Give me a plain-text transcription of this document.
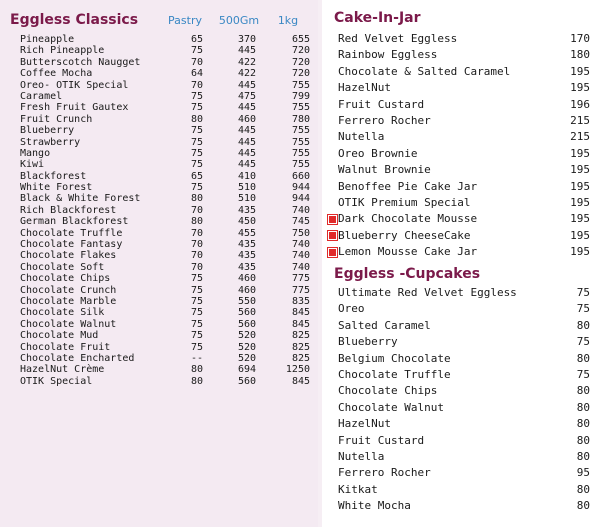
Eggless Classics	Pastry	500Gm	1kg
Pineapple	65	370	655
Rich Pineapple	75	445	720
Butterscotch Naugget	70	422	720
Coffee Mocha	64	422	720
Oreo- OTIK Special	70	445	755
Caramel	75	475	799
Fresh Fruit Gautex	75	445	755
Fruit Crunch	80	460	780
Blueberry	75	445	755
Strawberry	75	445	755
Mango	75	445	755
Kiwi	75	445	755
Blackforest	65	410	660
White Forest	75	510	944
Black & White Forest	80	510	944
Rich Blackforest	70	435	740
German Blackforest	80	450	745
Chocolate Truffle	70	455	750
Chocolate Fantasy	70	435	740
Chocolate Flakes	70	435	740
Chocolate Soft	70	435	740
Chocolate Chips	75	460	775
Chocolate Crunch	75	460	775
Chocolate Marble	75	550	835
Chocolate Silk	75	560	845
Chocolate Walnut	75	560	845
Chocolate Mud	75	520	825
Chocolate Fruit	75	520	825
Chocolate Encharted	--	520	825
HazelNut Crème	80	694	1250
OTIK Special	80	560	845
Cake-In-Jar
Red Velvet Eggless	170
Rainbow Eggless	180
Chocolate & Salted Caramel	195
HazelNut	195
Fruit Custard	196
Ferrero Rocher	215
Nutella	215
Oreo Brownie	195
Walnut Brownie	195
Benoffee Pie Cake Jar	195
OTIK Premium Special	195
Dark Chocolate Mousse	195
Blueberry CheeseCake	195
Lemon Mousse Cake Jar	195
Eggless -Cupcakes
Ultimate Red Velvet Eggless	75
Oreo	75
Salted Caramel	80
Blueberry	75
Belgium Chocolate	80
Chocolate Truffle	75
Chocolate Chips	80
Chocolate Walnut	80
HazelNut	80
Fruit Custard	80
Nutella	80
Ferrero Rocher	95
Kitkat	80
White Mocha	80
